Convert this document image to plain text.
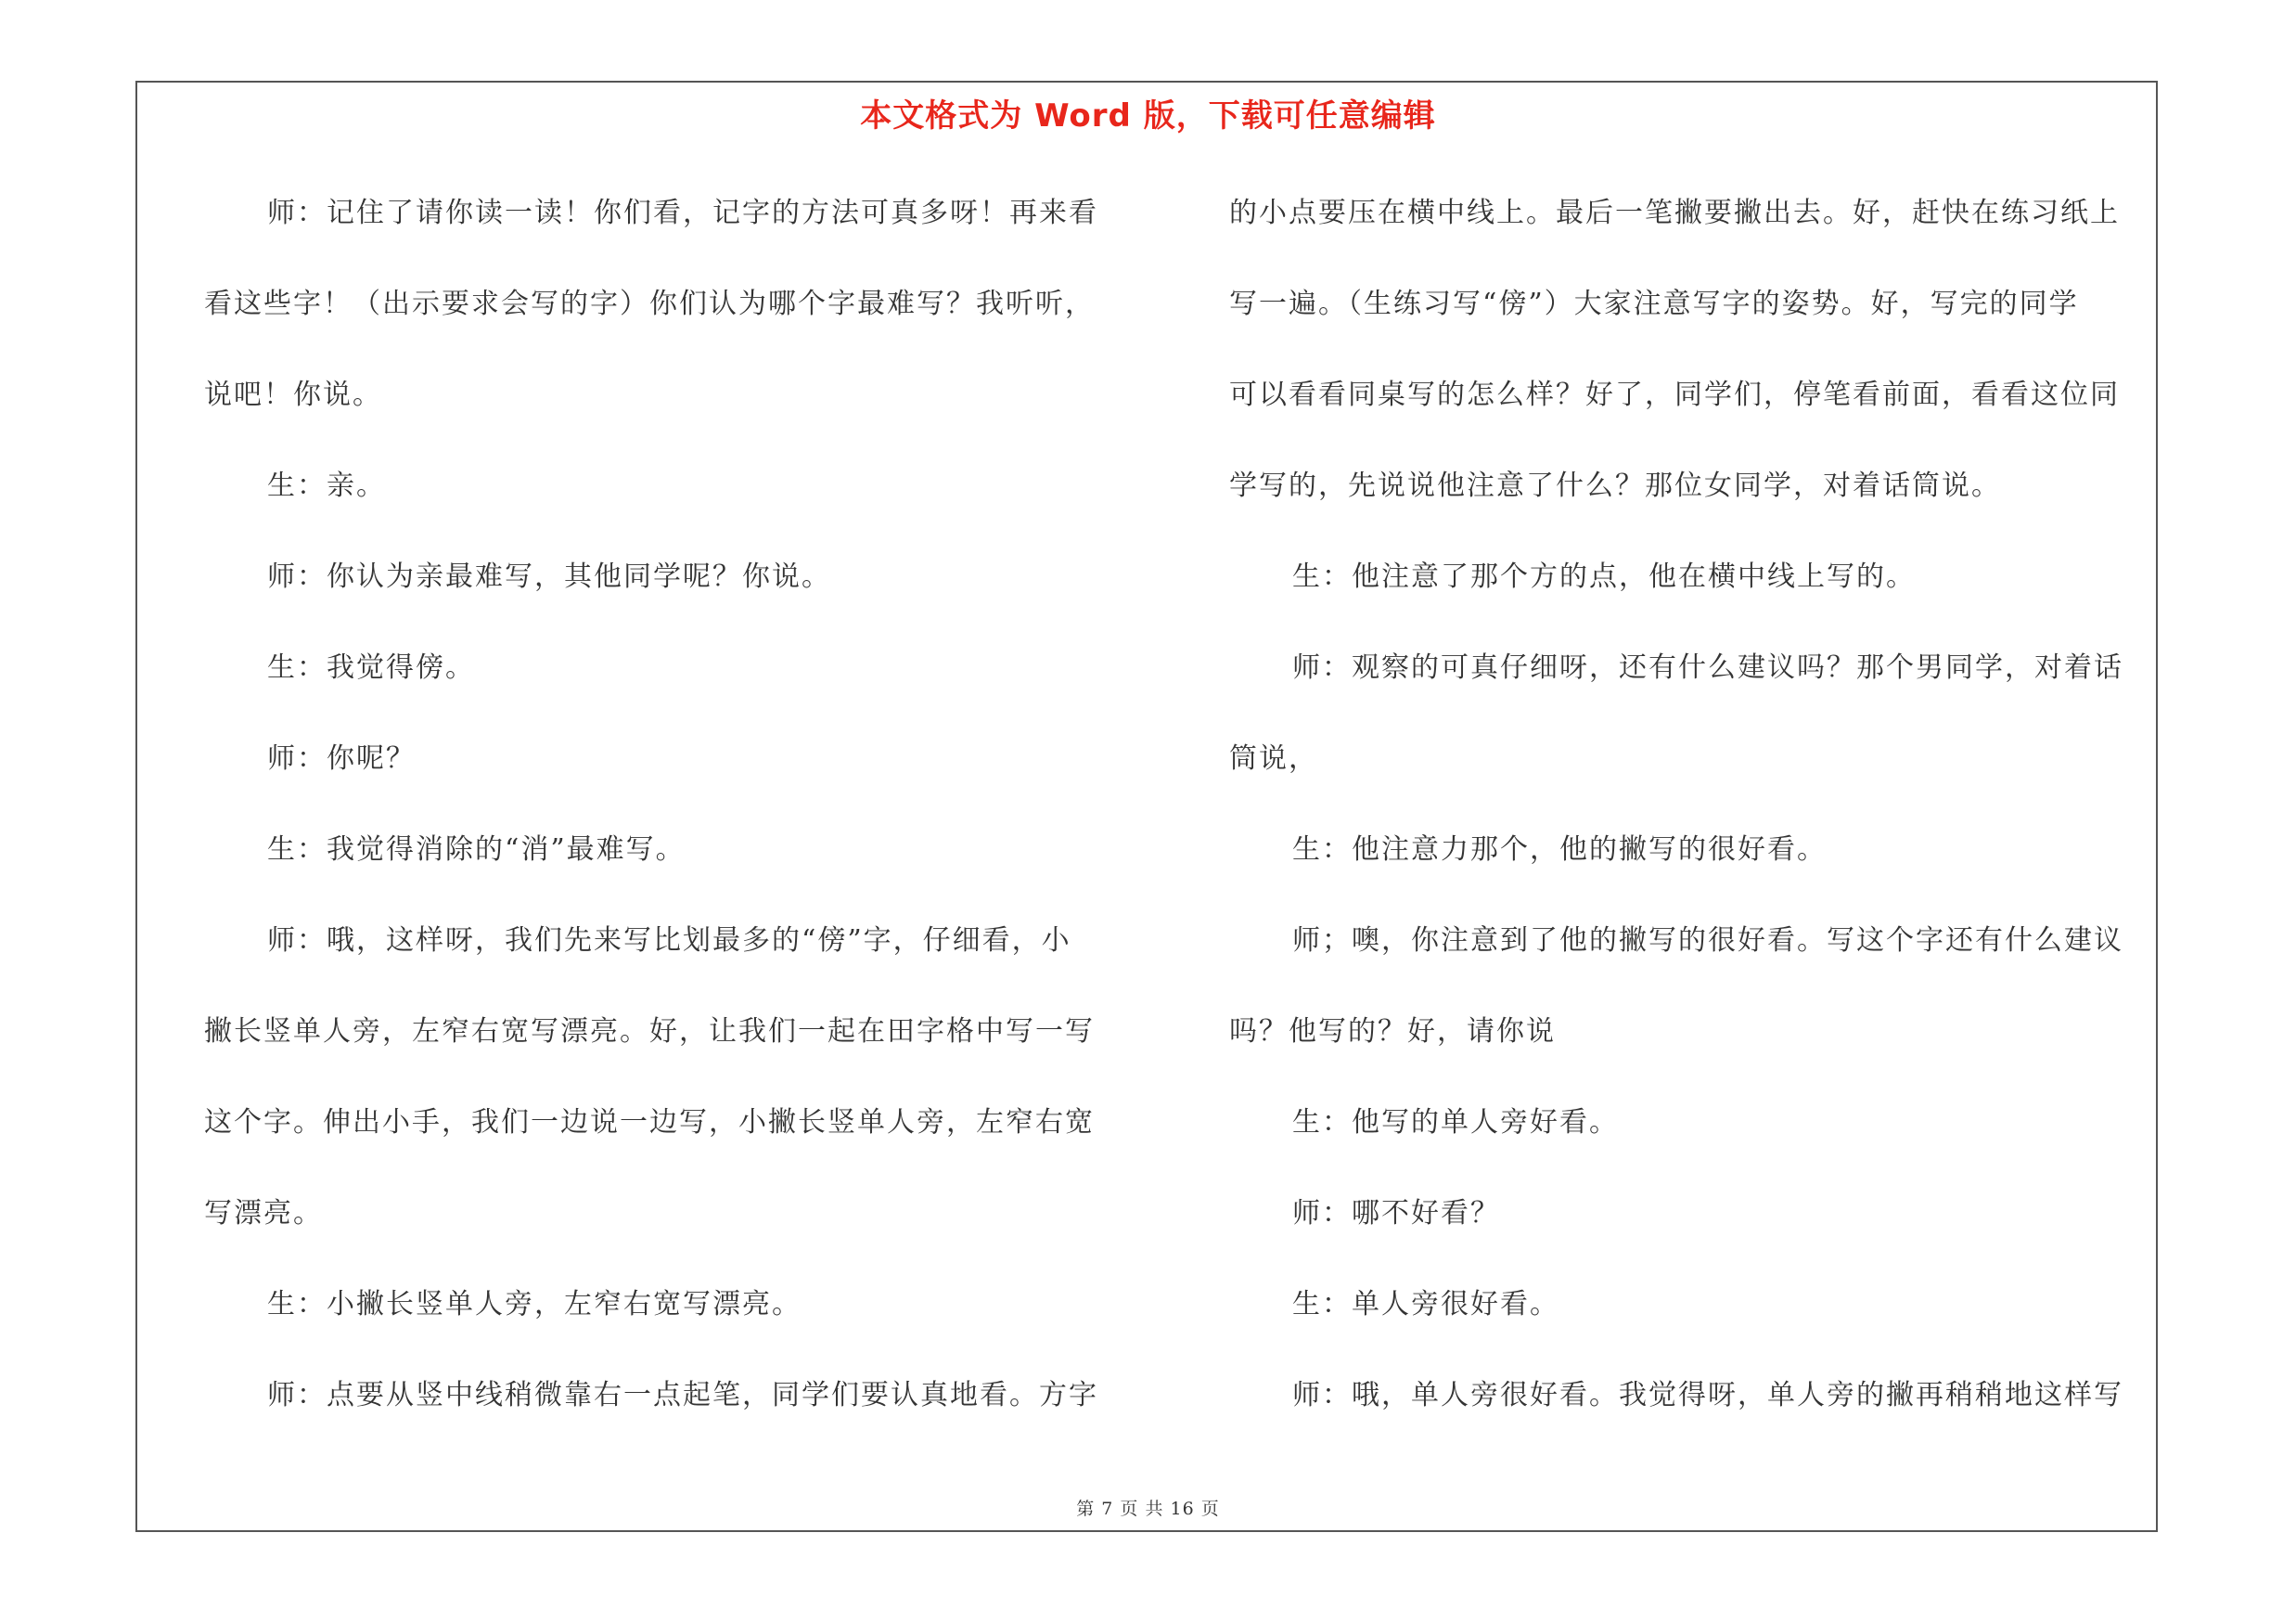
本文格式为 Word 版，下载可任意编辑
师：记住了请你读一读！你们看，记字的方法可真多呀！再来看
看这些字！（出示要求会写的字）你们认为哪个字最难写？我听听，
说吧！你说。
生：亲。
师：你认为亲最难写，其他同学呢？你说。
生：我觉得傍。
师：你呢？
生：我觉得消除的“消”最难写。
师：哦，这样呀，我们先来写比划最多的“傍”字，仔细看，小
撇长竖单人旁，左窄右宽写漂亮。好，让我们一起在田字格中写一写
这个字。伸出小手，我们一边说一边写，小撇长竖单人旁，左窄右宽
写漂亮。
生：小撇长竖单人旁，左窄右宽写漂亮。
师：点要从竖中线稍微靠右一点起笔，同学们要认真地看。方字
的小点要压在横中线上。最后一笔撇要撇出去。好，赶快在练习纸上
写一遍。（生练习写“傍”）大家注意写字的姿势。好，写完的同学
可以看看同桌写的怎么样？好了，同学们，停笔看前面，看看这位同
学写的，先说说他注意了什么？那位女同学，对着话筒说。
生：他注意了那个方的点，他在横中线上写的。
师：观察的可真仔细呀，还有什么建议吗？那个男同学，对着话
筒说，
生：他注意力那个，他的撇写的很好看。
师；噢，你注意到了他的撇写的很好看。写这个字还有什么建议
吗？他写的？好，请你说
生：他写的单人旁好看。
师：哪不好看？
生：单人旁很好看。
师：哦，单人旁很好看。我觉得呀，单人旁的撇再稍稍地这样写
第 7 页 共 16 页
